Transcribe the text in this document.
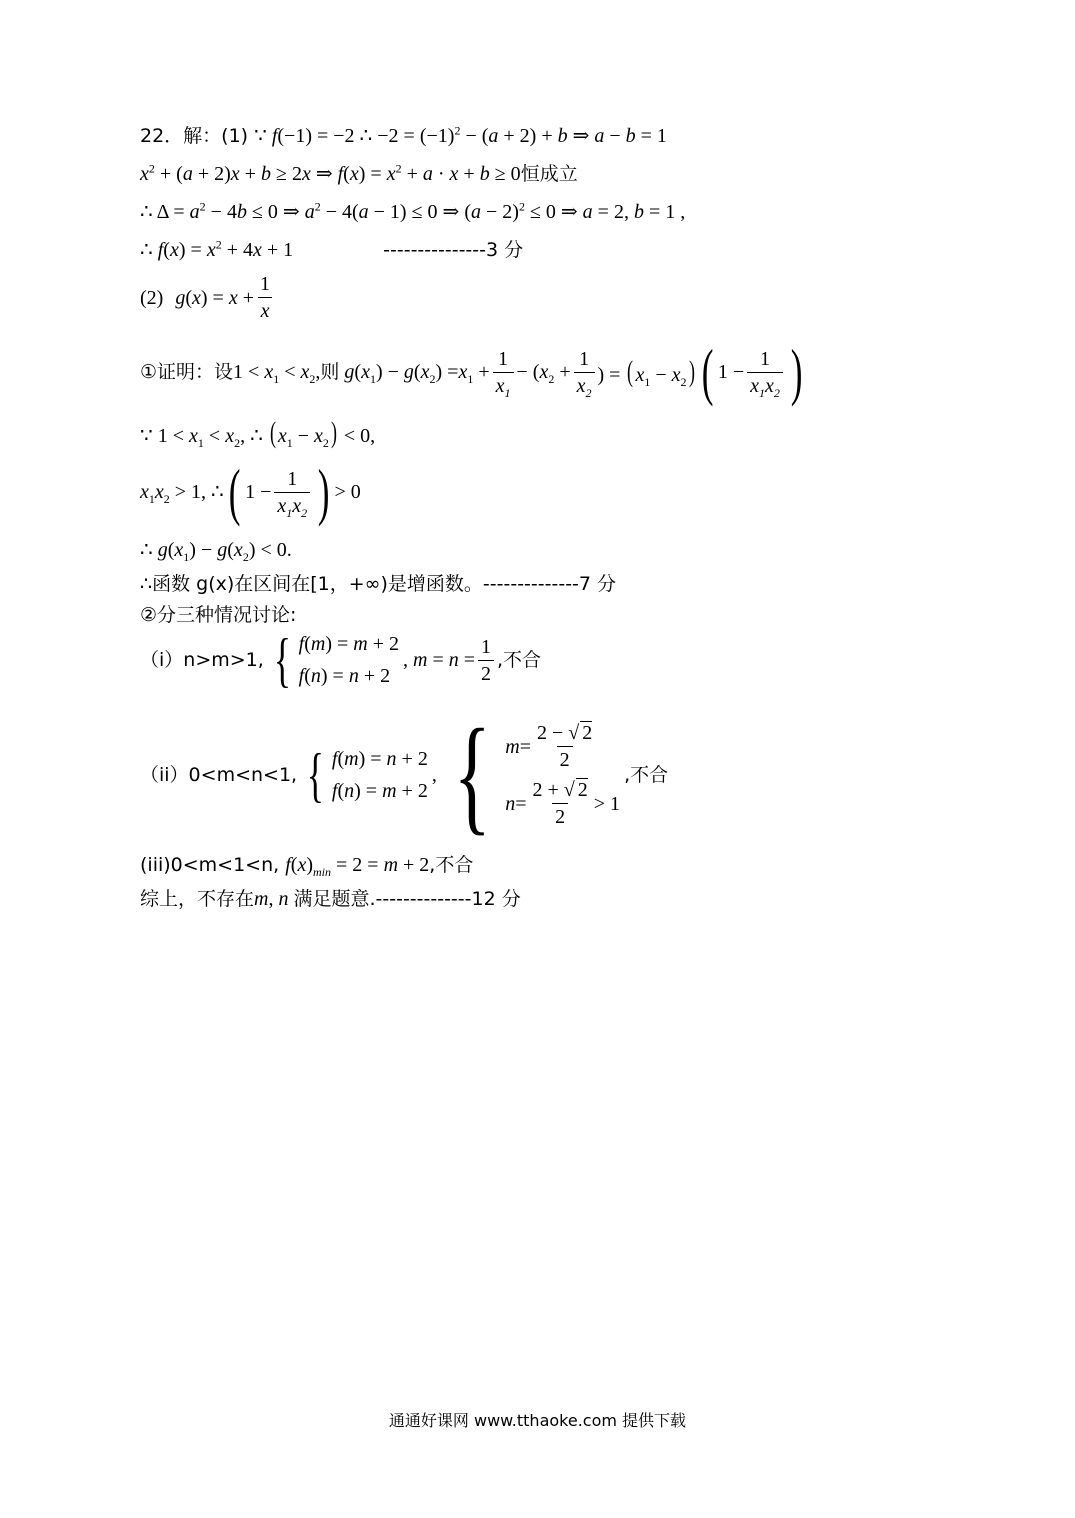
22．解：(1) ∵ f(−1) = −2 ∴ $-2 = (-1)^2 - (a + 2) + b$ ⇒ a − b = 1
$x^2 + (a + 2)x + b \ge 2x$ ⇒ $f(x) = x^2 + a \cdot x + b \ge 0$ 恒成立
∴ $\Delta = a^2 - 4b \le 0$ ⇒ $a^2 - 4(a - 1) \le 0$ ⇒ $(a - 2)^2 \le 0$ ⇒ a = 2, b = 1 ,
∴ $f(x) = x^2 + 4x + 1$	---------------3 分
(2) $g(x) = x + \frac{1}{x}$
①证明：设 $1 < x_1 < x_2$, 则 $g(x_1) - g(x_2) =x_1 + \frac{1}{x_1} - (x_2 + \frac{1}{x_2}$ ) = ( $x_1 - x_2$) ( $1 - \frac{1}{x_1x_2}$ )
∵ $1 < x_1 < x_2$, ∴ ( $x_1 - x_2) < 0$,
$x_1x_2 > 1$, ∴ ( $1 - \frac{1}{x_1x_2}$ ) > 0
∴ $g(x_1) - g(x_2) < 0$.
∴函数 g(x)在区间在[1，+∞)是增函数。--------------7 分
②分三种情况讨论:
（i）n>m>1, { f(m) = m + 2
f(n) = n + 2
, $m = n = \frac{1}{2}$ ,不合
（ii）0<m<n<1, { f(m) = n + 2
f(n) = m + 2
, { $m = \frac{2 - √ 2}{2}$
$n = \frac{2 + √ 2}{2} > 1$
,不合
(iii)0<m<1<n, $f(x)_{min} = 2 = m + 2$ ,不合
综上，不存在 m, n 满足题意. --------------12 分
通通好课网 www.tthaoke.com 提供下载
